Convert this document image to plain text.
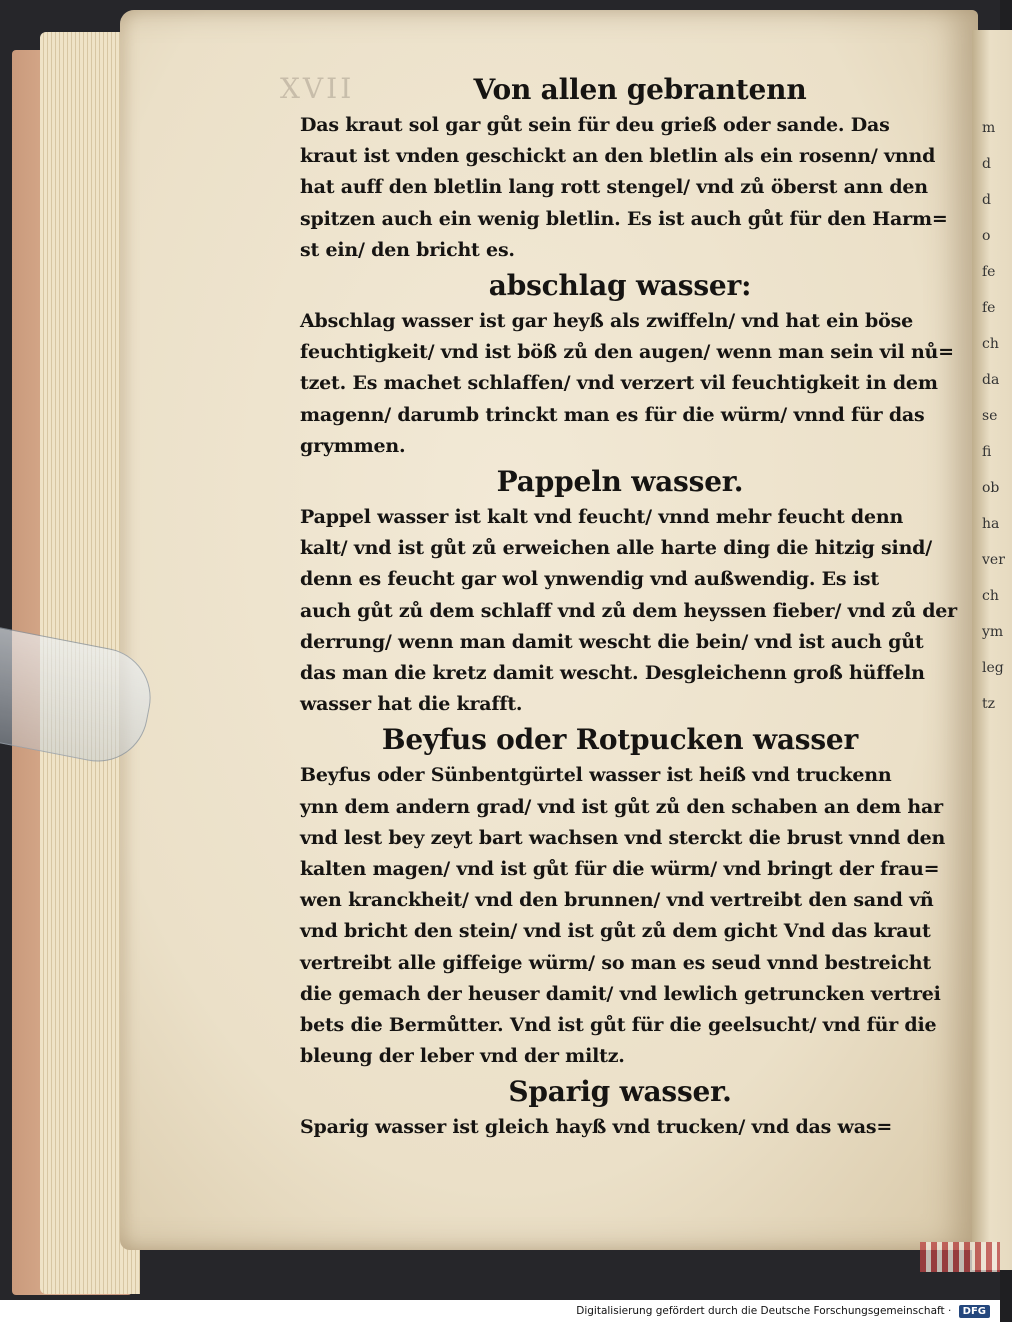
m
d
d
o
fe
fe
ch
da
se
fi
ob
ha
ver
ch
ym
leg
tz
XVII	Von allen gebrantenn

Das kraut sol gar gůt sein für deu grieß oder sande. Das
kraut ist vnden geschickt an den bletlin als ein rosenn/ vnnd
hat auff den bletlin lang rott stengel/ vnd zů öberst ann den
spitzen auch ein wenig bletlin. Es ist auch gůt für den Harm=
st ein/ den bricht es.

abschlag wasser:

Abschlag wasser ist gar heyß als zwiffeln/ vnd hat ein böse
feuchtigkeit/ vnd ist böß zů den augen/ wenn man sein vil nů=
tzet. Es machet schlaffen/ vnd verzert vil feuchtigkeit in dem
magenn/ darumb trinckt man es für die würm/ vnnd für das
grymmen.

Pappeln wasser.

Pappel wasser ist kalt vnd feucht/ vnnd mehr feucht denn
kalt/ vnd ist gůt zů erweichen alle harte ding die hitzig sind/
denn es feucht gar wol ynwendig vnd außwendig. Es ist
auch gůt zů dem schlaff vnd zů dem heyssen fieber/ vnd zů der
derrung/ wenn man damit wescht die bein/ vnd ist auch gůt
das man die kretz damit wescht. Desgleichenn groß hüffeln
wasser hat die krafft.

Beyfus oder Rotpucken wasser

Beyfus oder Sünbentgürtel wasser ist heiß vnd truckenn
ynn dem andern grad/ vnd ist gůt zů den schaben an dem har
vnd lest bey zeyt bart wachsen vnd sterckt die brust vnnd den
kalten magen/ vnd ist gůt für die würm/ vnd bringt der frau=
wen kranckheit/ vnd den brunnen/ vnd vertreibt den sand vñ
vnd bricht den stein/ vnd ist gůt zů dem gicht Vnd das kraut
vertreibt alle giffeige würm/ so man es seud vnnd bestreicht
die gemach der heuser damit/ vnd lewlich getruncken vertrei
bets die Bermůtter. Vnd ist gůt für die geelsucht/ vnd für die
bleung der leber vnd der miltz.

Sparig wasser.

Sparig wasser ist gleich hayß vnd trucken/ vnd das was=

Digitalisierung gefördert durch die Deutsche Forschungsgemeinschaft · DFG
